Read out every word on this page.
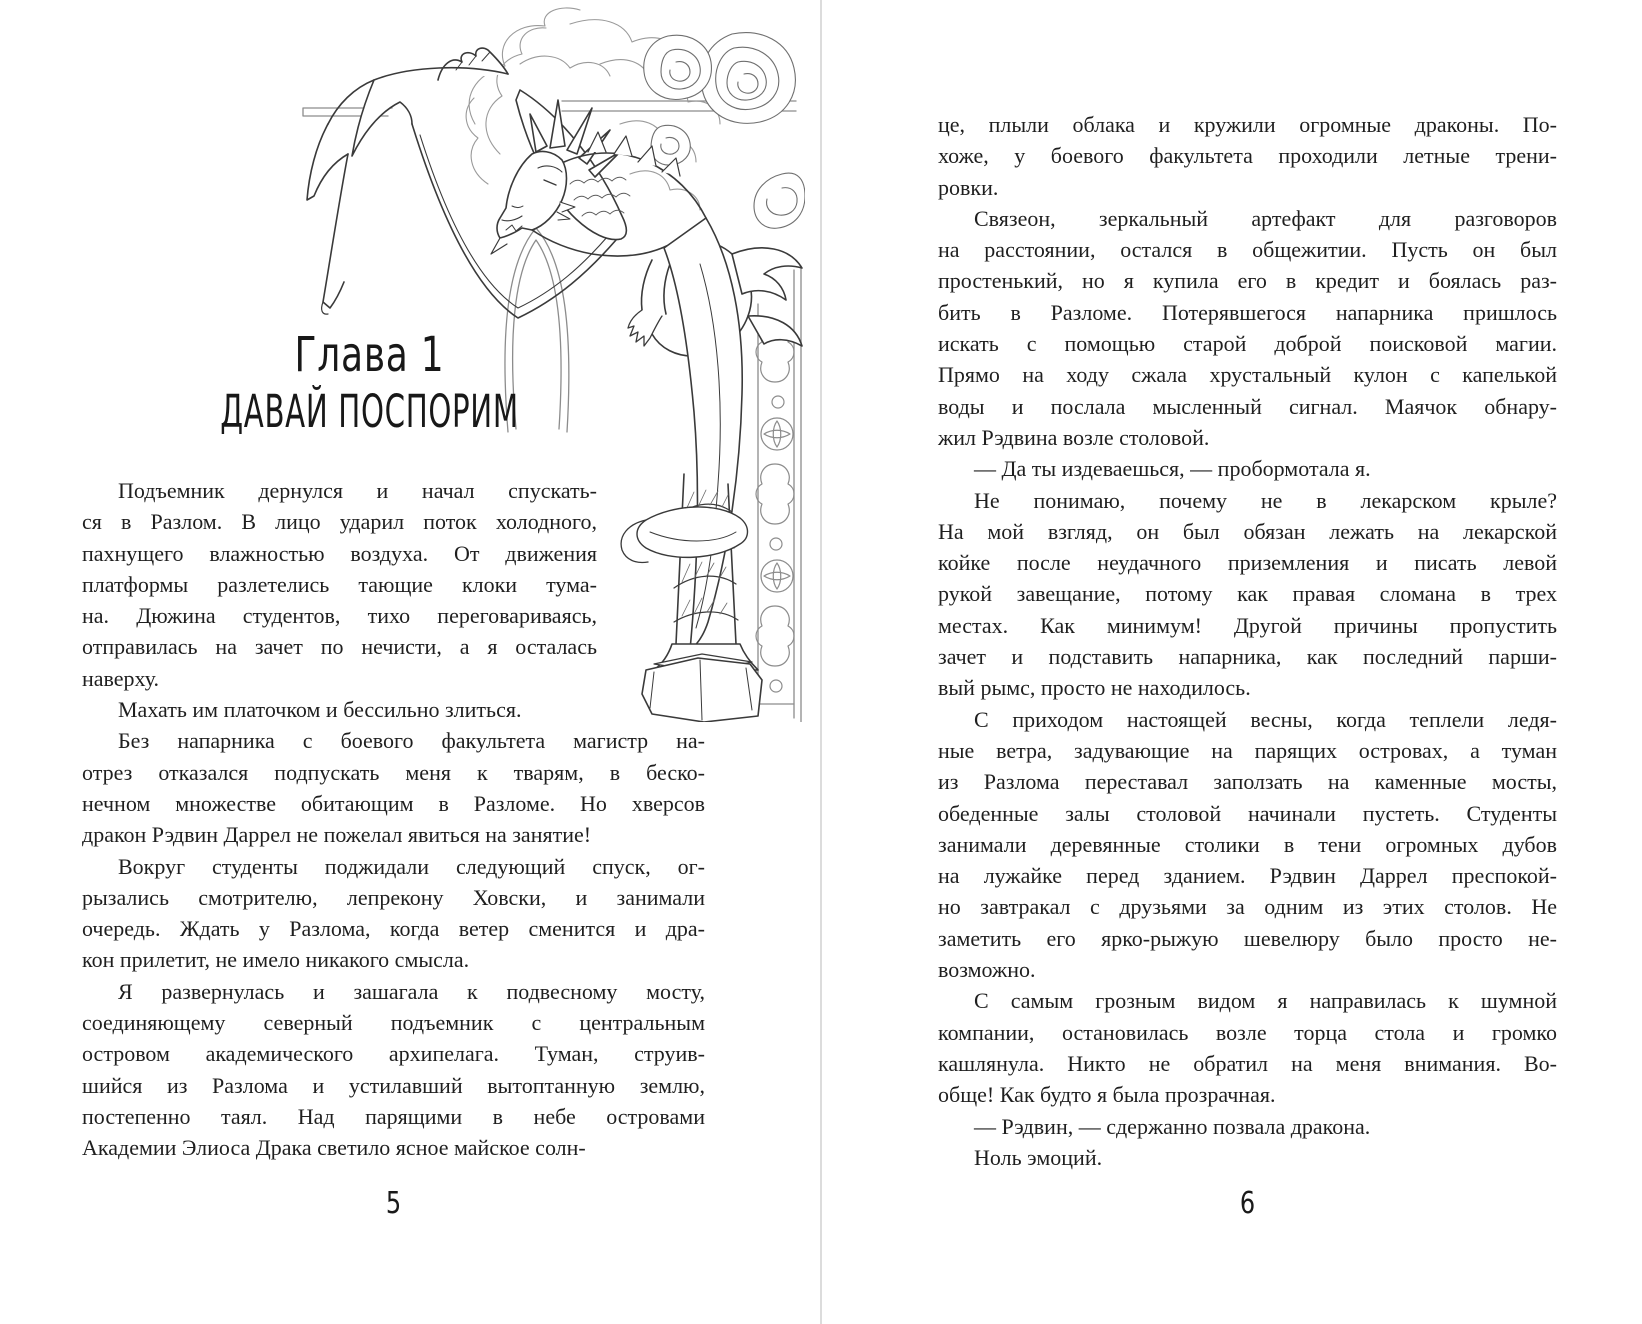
Глава 1
ДАВАЙ ПОСПОРИМ
Подъемник дернулся и начал спускать-
ся в Разлом. В лицо ударил поток холодного,
пахнущего влажностью воздуха. От движения
платформы разлетелись тающие клоки тума-
на. Дюжина студентов, тихо переговариваясь,
отправилась на зачет по нечисти, а я осталась
наверху.
Махать им платочком и бессильно злиться.
Без напарника с боевого факультета магистр на-
отрез отказался подпускать меня к тварям, в беско-
нечном множестве обитающим в Разломе. Но хверсов
дракон Рэдвин Даррел не пожелал явиться на занятие!
Вокруг студенты поджидали следующий спуск, ог-
рызались смотрителю, лепрекону Ховски, и занимали
очередь. Ждать у Разлома, когда ветер сменится и дра-
кон прилетит, не имело никакого смысла.
Я развернулась и зашагала к подвесному мосту,
соединяющему северный подъемник с центральным
островом академического архипелага. Туман, струив-
шийся из Разлома и устилавший вытоптанную землю,
постепенно таял. Над парящими в небе островами
Академии Элиоса Драка светило ясное майское солн-
5
це, плыли облака и кружили огромные драконы. По-
хоже, у боевого факультета проходили летные трени-
ровки.
Связеон, зеркальный артефакт для разговоров
на расстоянии, остался в общежитии. Пусть он был
простенький, но я купила его в кредит и боялась раз-
бить в Разломе. Потерявшегося напарника пришлось
искать с помощью старой доброй поисковой магии.
Прямо на ходу сжала хрустальный кулон с капелькой
воды и послала мысленный сигнал. Маячок обнару-
жил Рэдвина возле столовой.
— Да ты издеваешься, — пробормотала я.
Не понимаю, почему не в лекарском крыле?
На мой взгляд, он был обязан лежать на лекарской
койке после неудачного приземления и писать левой
рукой завещание, потому как правая сломана в трех
местах. Как минимум! Другой причины пропустить
зачет и подставить напарника, как последний парши-
вый рымс, просто не находилось.
С приходом настоящей весны, когда теплели ледя-
ные ветра, задувающие на парящих островах, а туман
из Разлома переставал заползать на каменные мосты,
обеденные залы столовой начинали пустеть. Студенты
занимали деревянные столики в тени огромных дубов
на лужайке перед зданием. Рэдвин Даррел преспокой-
но завтракал с друзьями за одним из этих столов. Не
заметить его ярко-рыжую шевелюру было просто не-
возможно.
С самым грозным видом я направилась к шумной
компании, остановилась возле торца стола и громко
кашлянула. Никто не обратил на меня внимания. Во-
обще! Как будто я была прозрачная.
— Рэдвин, — сдержанно позвала дракона.
Ноль эмоций.
6
